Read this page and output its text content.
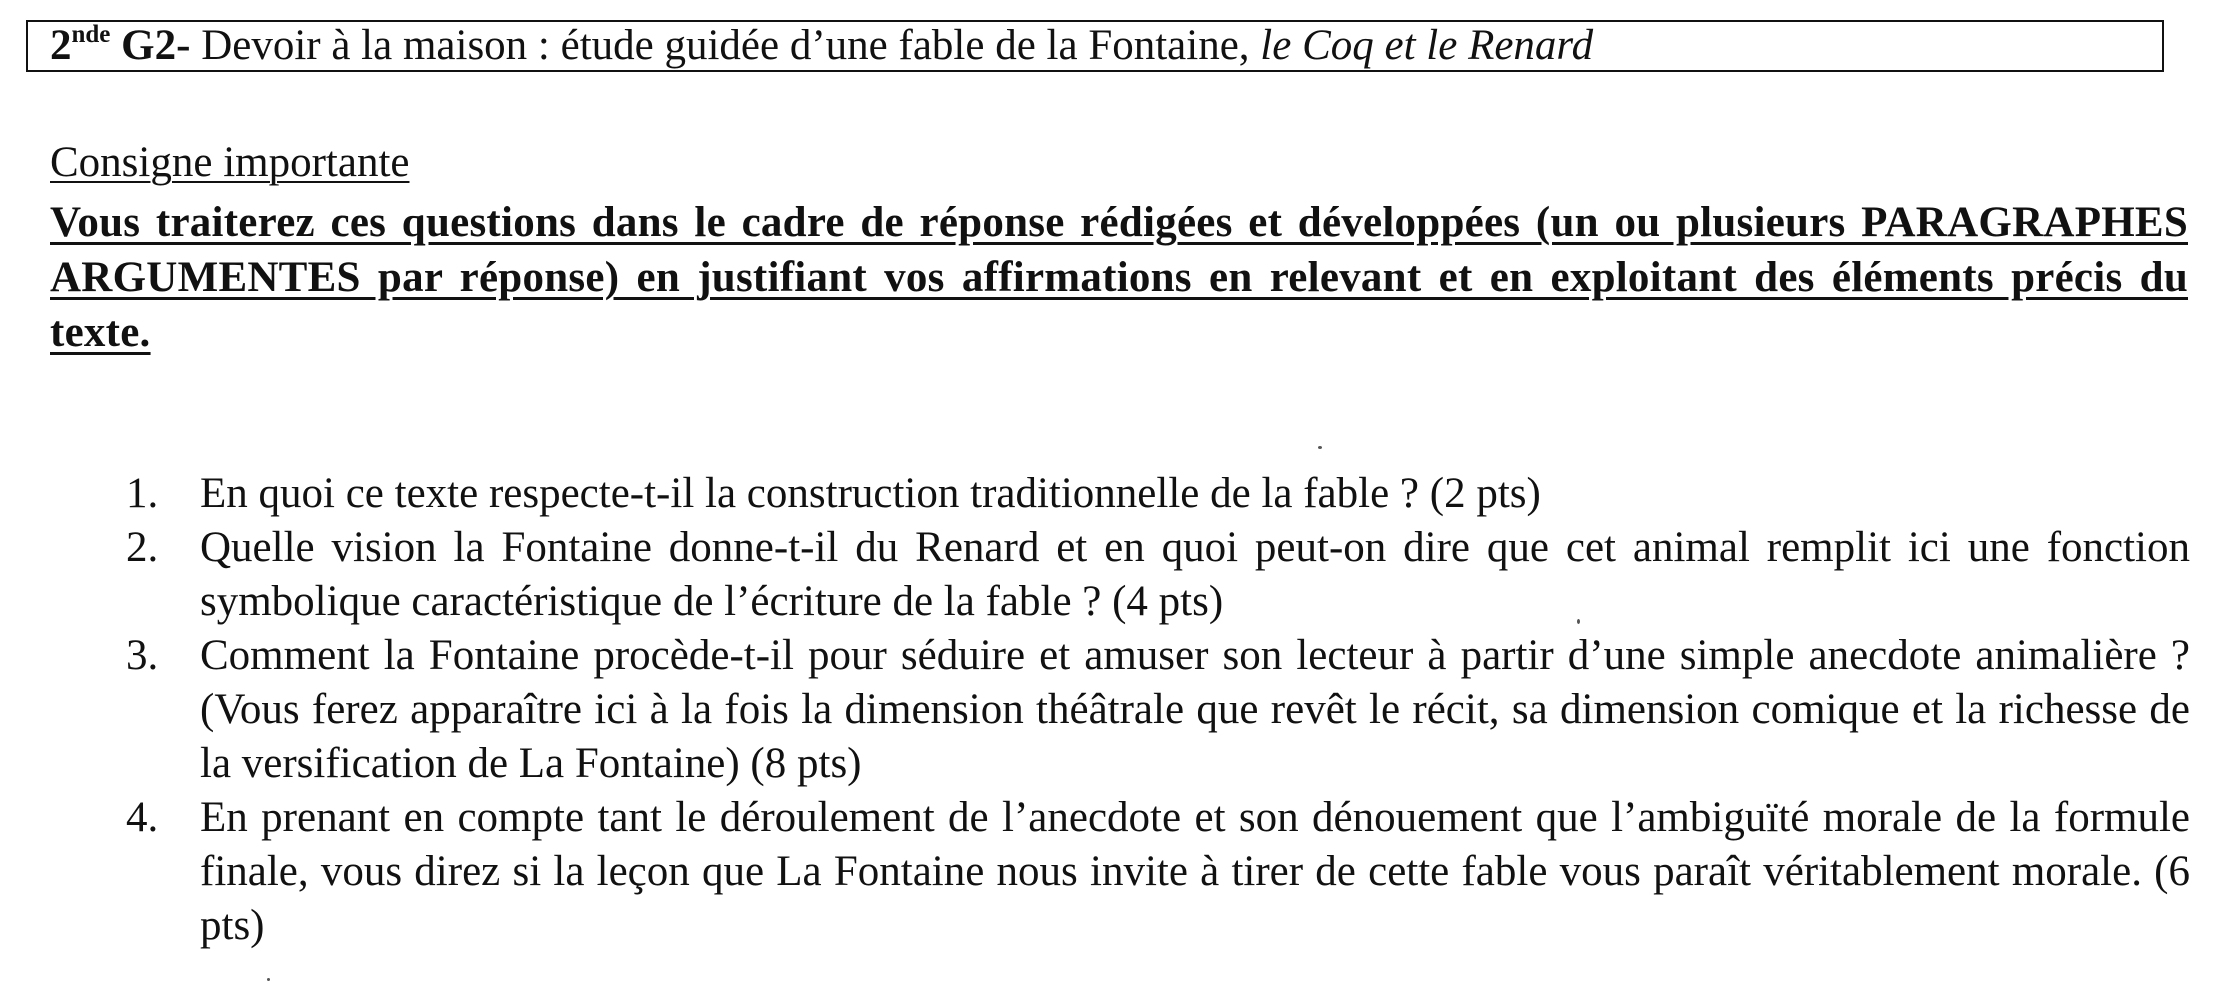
2nde G2- Devoir à la maison : étude guidée d’une fable de la Fontaine, le Coq et le Renard
Consigne importante
Vous traiterez ces questions dans le cadre de réponse rédigées et développées (un ou plusieurs PARAGRAPHES ARGUMENTES par réponse) en justifiant vos affirmations en relevant et en exploitant des éléments précis du texte.
1. En quoi ce texte respecte-t-il la construction traditionnelle de la fable ? (2 pts)
2. Quelle vision la Fontaine donne-t-il du Renard et en quoi peut-on dire que cet animal remplit ici une fonction symbolique caractéristique de l’écriture de la fable ? (4 pts)
3. Comment la Fontaine procède-t-il pour séduire et amuser son lecteur à partir d’une simple anecdote animalière ? (Vous ferez apparaître ici à la fois la dimension théâtrale que revêt le récit, sa dimension comique et la richesse de la versification de La Fontaine) (8 pts)
4. En prenant en compte tant le déroulement de l’anecdote et son dénouement que l’ambiguïté morale de la formule finale, vous direz si la leçon que La Fontaine nous invite à tirer de cette fable vous paraît véritablement morale. (6 pts)
